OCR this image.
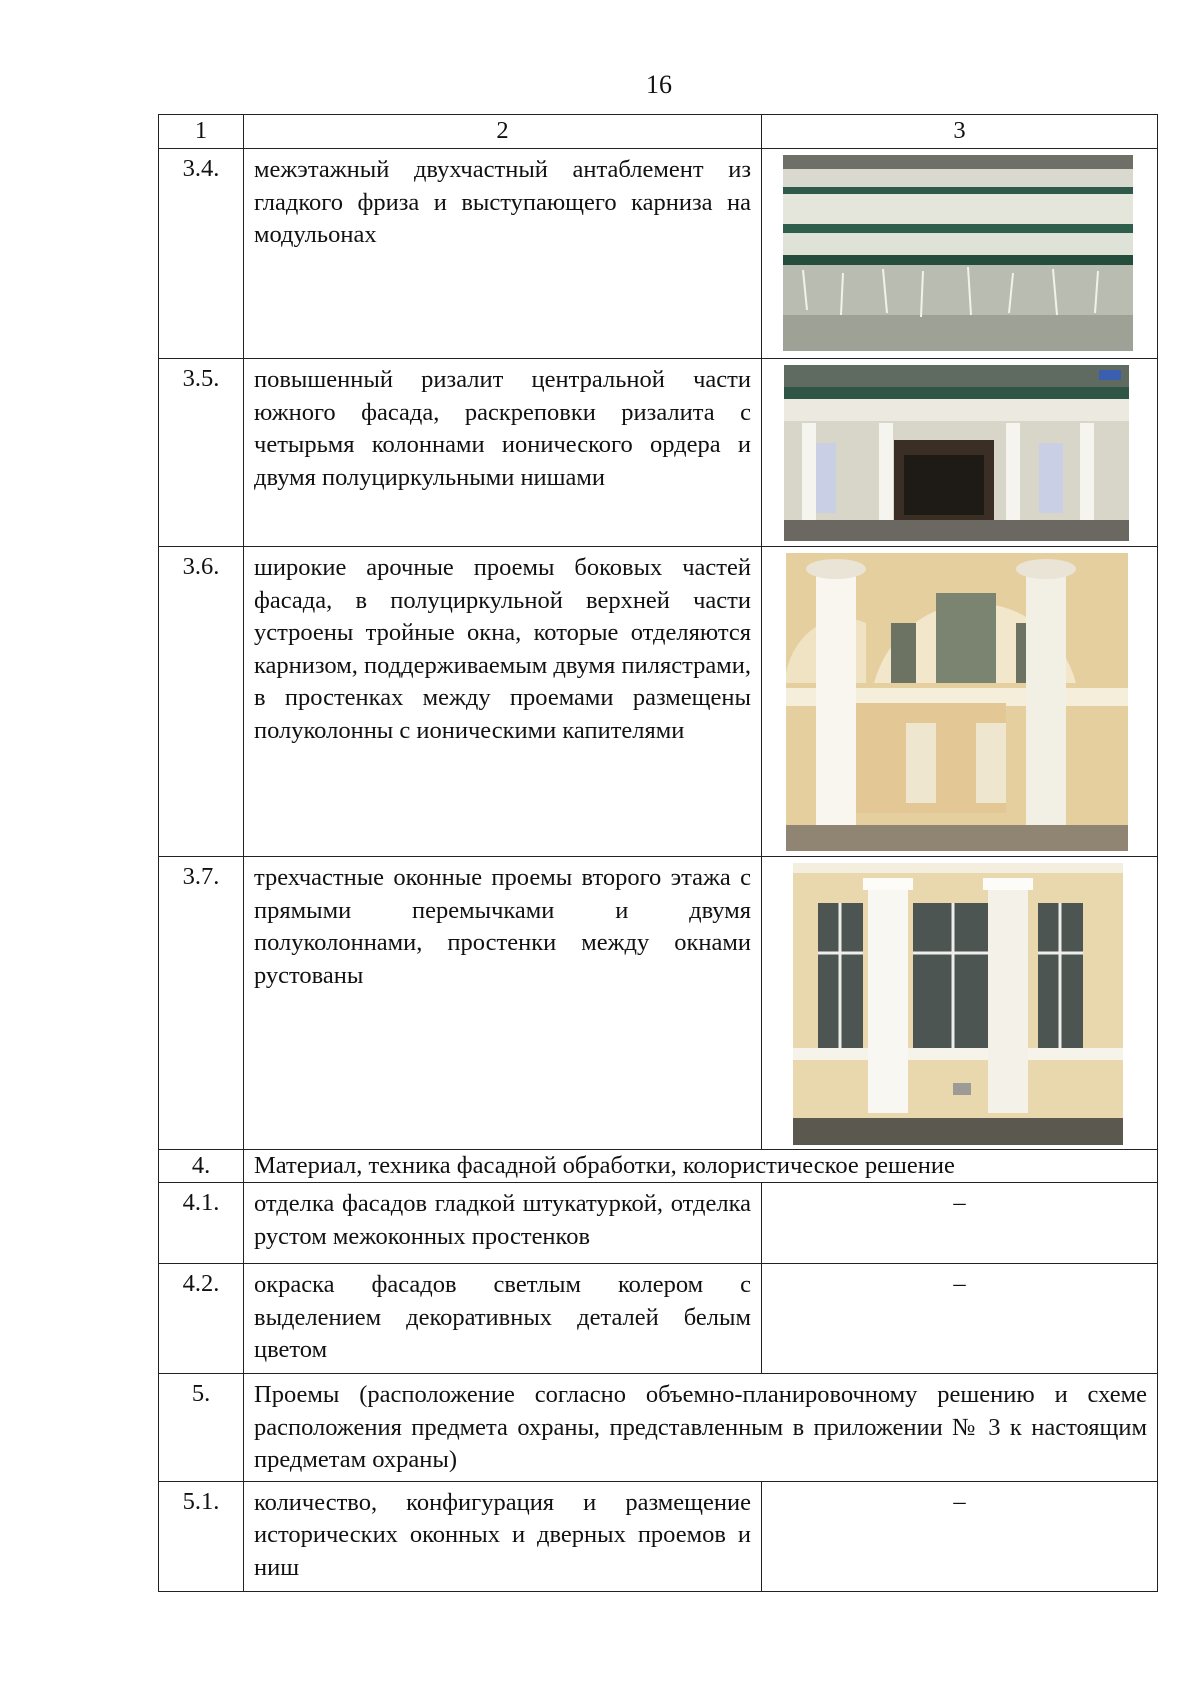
16
1	2	3
3.4.	межэтажный двухчастный антаблемент из гладкого фриза и выступающего карниза на модульонах	

3.5.	повышенный ризалит центральной части южного фасада, раскреповки ризалита с четырьмя колоннами ионического ордера и двумя полуциркульными нишами	

3.6.	широкие арочные проемы боковых частей фасада, в полуциркульной верхней части устроены тройные окна, которые отделяются карнизом, поддерживаемым двумя пилястрами, в простенках между проемами размещены полуколонны с ионическими капителями	

3.7.	трехчастные оконные проемы второго этажа с прямыми перемычками и двумя полуколоннами, простенки между окнами рустованы	

4.	Материал, техника фасадной обработки, колористическое решение	
4.1.	отделка фасадов гладкой штукатуркой, отделка рустом межоконных простенков	–
4.2.	окраска фасадов светлым колером с выделением декоративных деталей белым цветом	–
5.	Проемы (расположение согласно объемно-планировочному решению и схеме расположения предмета охраны, представленным в приложении № 3 к настоящим предметам охраны)	
5.1.	количество, конфигурация и размещение исторических оконных и дверных проемов и ниш	–
